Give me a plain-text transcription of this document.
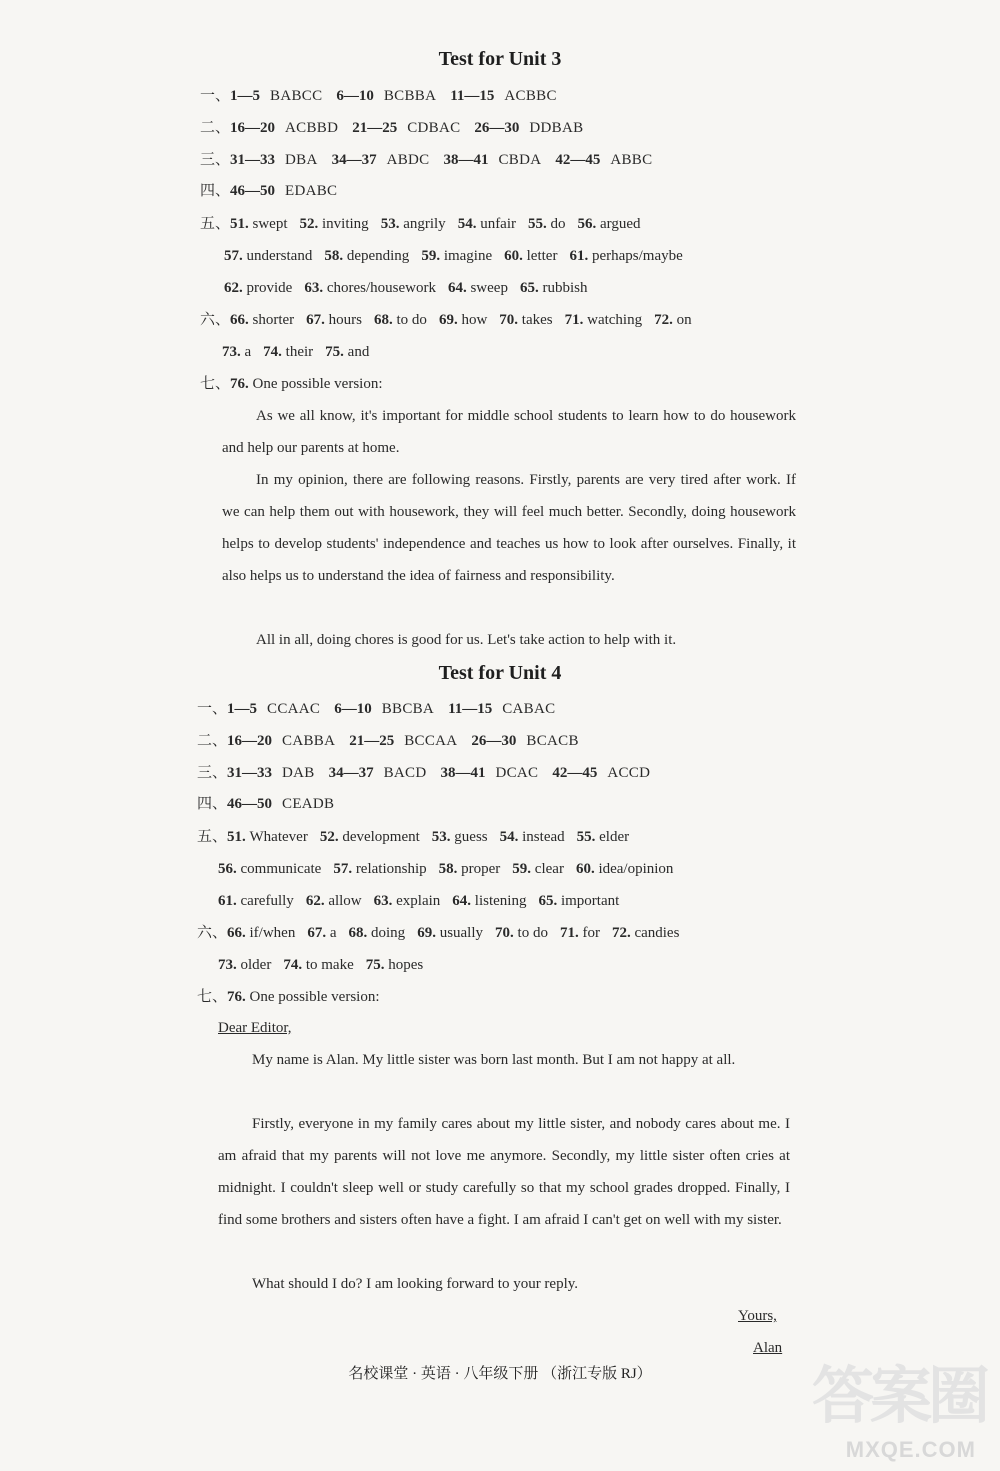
Test for Unit 3
一、1—5 BABCC 6—10 BCBBA 11—15 ACBBC
二、16—20 ACBBD 21—25 CDBAC 26—30 DDBAB
三、31—33 DBA 34—37 ABDC 38—41 CBDA 42—45 ABBC
四、46—50 EDABC
五、51. swept 52. inviting 53. angrily 54. unfair 55. do 56. argued
57. understand 58. depending 59. imagine 60. letter 61. perhaps/maybe
62. provide 63. chores/housework 64. sweep 65. rubbish
六、66. shorter 67. hours 68. to do 69. how 70. takes 71. watching 72. on
73. a 74. their 75. and
七、76. One possible version:
As we all know, it's important for middle school students to learn how to do housework and help our parents at home.
In my opinion, there are following reasons. Firstly, parents are very tired after work. If we can help them out with housework, they will feel much better. Secondly, doing housework helps to develop students' independence and teaches us how to look after ourselves. Finally, it also helps us to understand the idea of fairness and responsibility.
All in all, doing chores is good for us. Let's take action to help with it.
Test for Unit 4
一、1—5 CCAAC 6—10 BBCBA 11—15 CABAC
二、16—20 CABBA 21—25 BCCAA 26—30 BCACB
三、31—33 DAB 34—37 BACD 38—41 DCAC 42—45 ACCD
四、46—50 CEADB
五、51. Whatever 52. development 53. guess 54. instead 55. elder
56. communicate 57. relationship 58. proper 59. clear 60. idea/opinion
61. carefully 62. allow 63. explain 64. listening 65. important
六、66. if/when 67. a 68. doing 69. usually 70. to do 71. for 72. candies
73. older 74. to make 75. hopes
七、76. One possible version:
Dear Editor,
My name is Alan. My little sister was born last month. But I am not happy at all.
Firstly, everyone in my family cares about my little sister, and nobody cares about me. I am afraid that my parents will not love me anymore. Secondly, my little sister often cries at midnight. I couldn't sleep well or study carefully so that my school grades dropped. Finally, I find some brothers and sisters often have a fight. I am afraid I can't get on well with my sister.
What should I do? I am looking forward to your reply.
Yours,
Alan
名校课堂 · 英语 · 八年级下册 （浙江专版 RJ）	答案圈
MXQE.COM
